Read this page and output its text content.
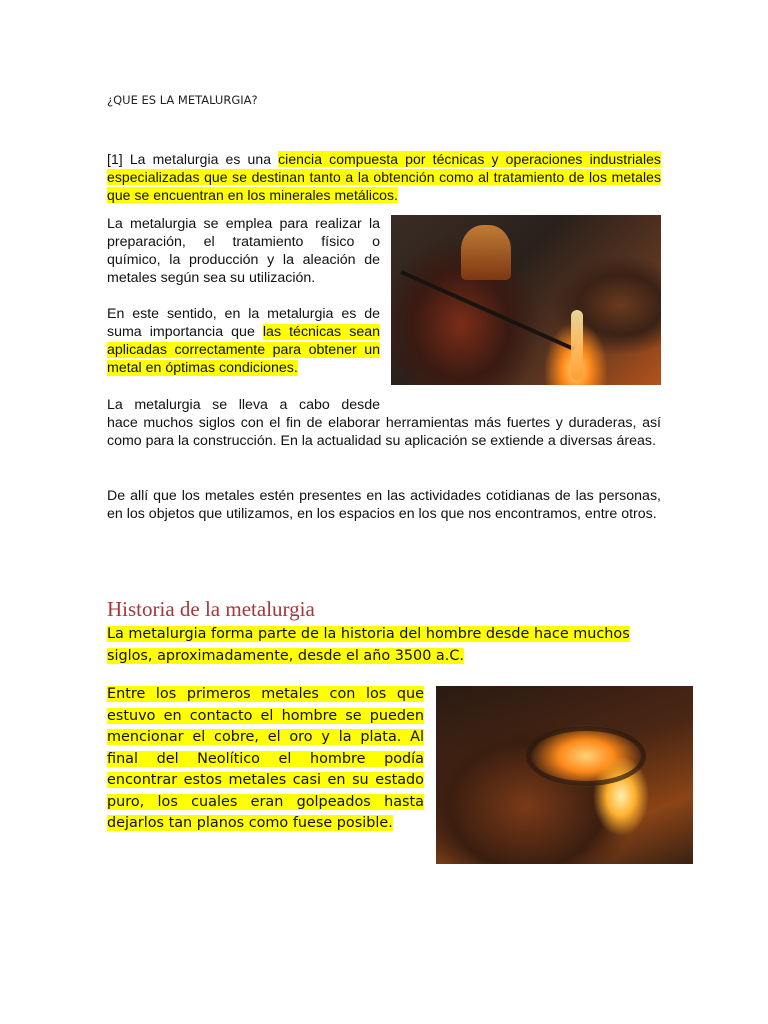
¿QUE ES LA METALURGIA?

[1] La metalurgia es una ciencia compuesta por técnicas y operaciones industriales especializadas que se destinan tanto a la obtención como al tratamiento de los metales que se encuentran en los minerales metálicos.

La metalurgia se emplea para realizar la preparación, el tratamiento físico o químico, la producción y la aleación de metales según sea su utilización.

En este sentido, en la metalurgia es de suma importancia que las técnicas sean aplicadas correctamente para obtener un metal en óptimas condiciones.

La metalurgia se lleva a cabo desde

hace muchos siglos con el fin de elaborar herramientas más fuertes y duraderas, así como para la construcción. En la actualidad su aplicación se extiende a diversas áreas.

De allí que los metales estén presentes en las actividades cotidianas de las personas, en los objetos que utilizamos, en los espacios en los que nos encontramos, entre otros.

Historia de la metalurgia

La metalurgia forma parte de la historia del hombre desde hace muchos siglos, aproximadamente, desde el año 3500 a.C.

Entre los primeros metales con los que estuvo en contacto el hombre se pueden mencionar el cobre, el oro y la plata. Al final del Neolítico el hombre podía encontrar estos metales casi en su estado puro, los cuales eran golpeados hasta dejarlos tan planos como fuese posible.
